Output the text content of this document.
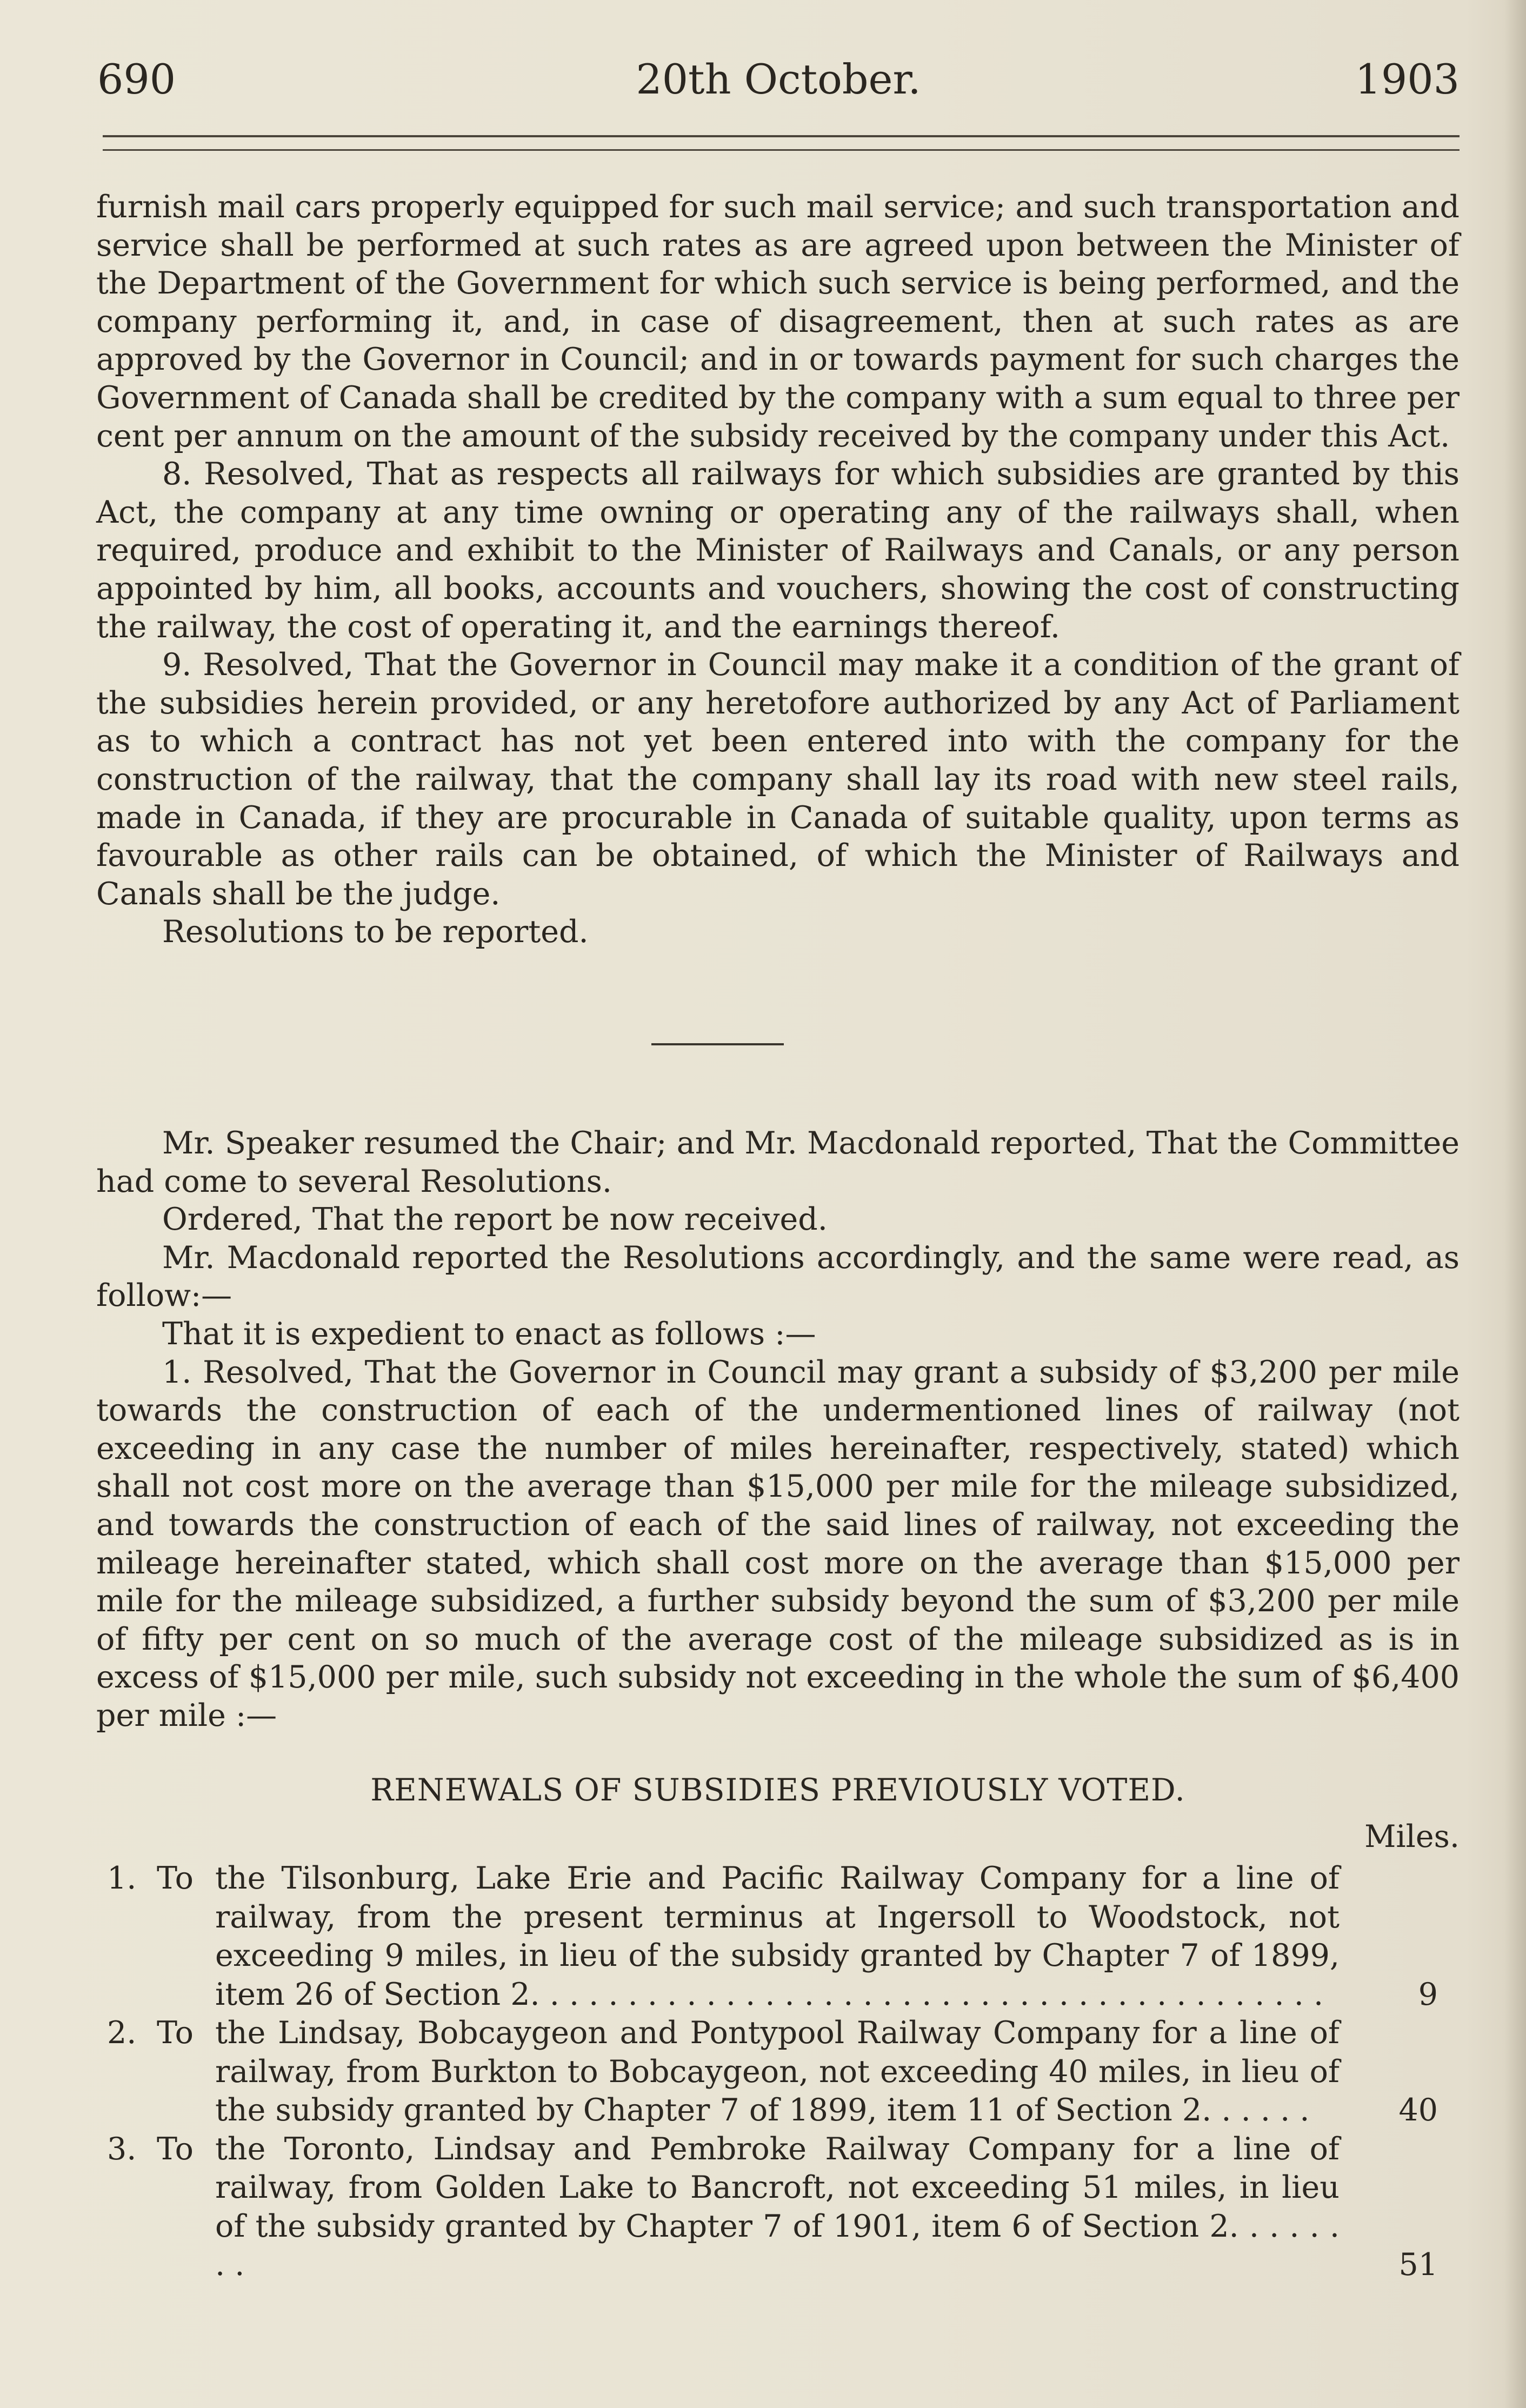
690	20th October.	1903

furnish mail cars properly equipped for such mail service; and such transportation and service shall be performed at such rates as are agreed upon between the Minister of the Department of the Government for which such service is being performed, and the company performing it, and, in case of disagreement, then at such rates as are approved by the Governor in Council; and in or towards payment for such charges the Government of Canada shall be credited by the company with a sum equal to three per cent per annum on the amount of the subsidy received by the company under this Act.

8. Resolved, That as respects all railways for which subsidies are granted by this Act, the company at any time owning or operating any of the railways shall, when required, produce and exhibit to the Minister of Railways and Canals, or any person appointed by him, all books, accounts and vouchers, showing the cost of constructing the railway, the cost of operating it, and the earnings thereof.

9. Resolved, That the Governor in Council may make it a condition of the grant of the subsidies herein provided, or any heretofore authorized by any Act of Parliament as to which a contract has not yet been entered into with the company for the construction of the railway, that the company shall lay its road with new steel rails, made in Canada, if they are procurable in Canada of suitable quality, upon terms as favourable as other rails can be obtained, of which the Minister of Railways and Canals shall be the judge.

Resolutions to be reported.

Mr. Speaker resumed the Chair; and Mr. Macdonald reported, That the Committee had come to several Resolutions.

Ordered, That the report be now received.

Mr. Macdonald reported the Resolutions accordingly, and the same were read, as follow:—

That it is expedient to enact as follows :—

1. Resolved, That the Governor in Council may grant a subsidy of $3,200 per mile towards the construction of each of the undermentioned lines of railway (not exceeding in any case the number of miles hereinafter, respectively, stated) which shall not cost more on the average than $15,000 per mile for the mileage subsidized, and towards the construction of each of the said lines of railway, not exceeding the mileage hereinafter stated, which shall cost more on the average than $15,000 per mile for the mileage subsidized, a further subsidy beyond the sum of $3,200 per mile of fifty per cent on so much of the average cost of the mileage subsidized as is in excess of $15,000 per mile, such subsidy not exceeding in the whole the sum of $6,400 per mile :—

RENEWALS OF SUBSIDIES PREVIOUSLY VOTED.
Miles.
1. To the Tilsonburg, Lake Erie and Pacific Railway Company for a line of railway, from the present terminus at Ingersoll to Woodstock, not exceeding 9 miles, in lieu of the subsidy granted by Chapter 7 of 1899, item 26 of Section 2. . . . . . . . . . . . . . . . . . . . . . . . . . . . . . . . . . . . . . . . .	9
2. To the Lindsay, Bobcaygeon and Pontypool Railway Company for a line of railway, from Burkton to Bobcaygeon, not exceeding 40 miles, in lieu of the subsidy granted by Chapter 7 of 1899, item 11 of Section 2. . . . . .	40
3. To the Toronto, Lindsay and Pembroke Railway Company for a line of railway, from Golden Lake to Bancroft, not exceeding 51 miles, in lieu of the subsidy granted by Chapter 7 of 1901, item 6 of Section 2. . . . . . . .	51
